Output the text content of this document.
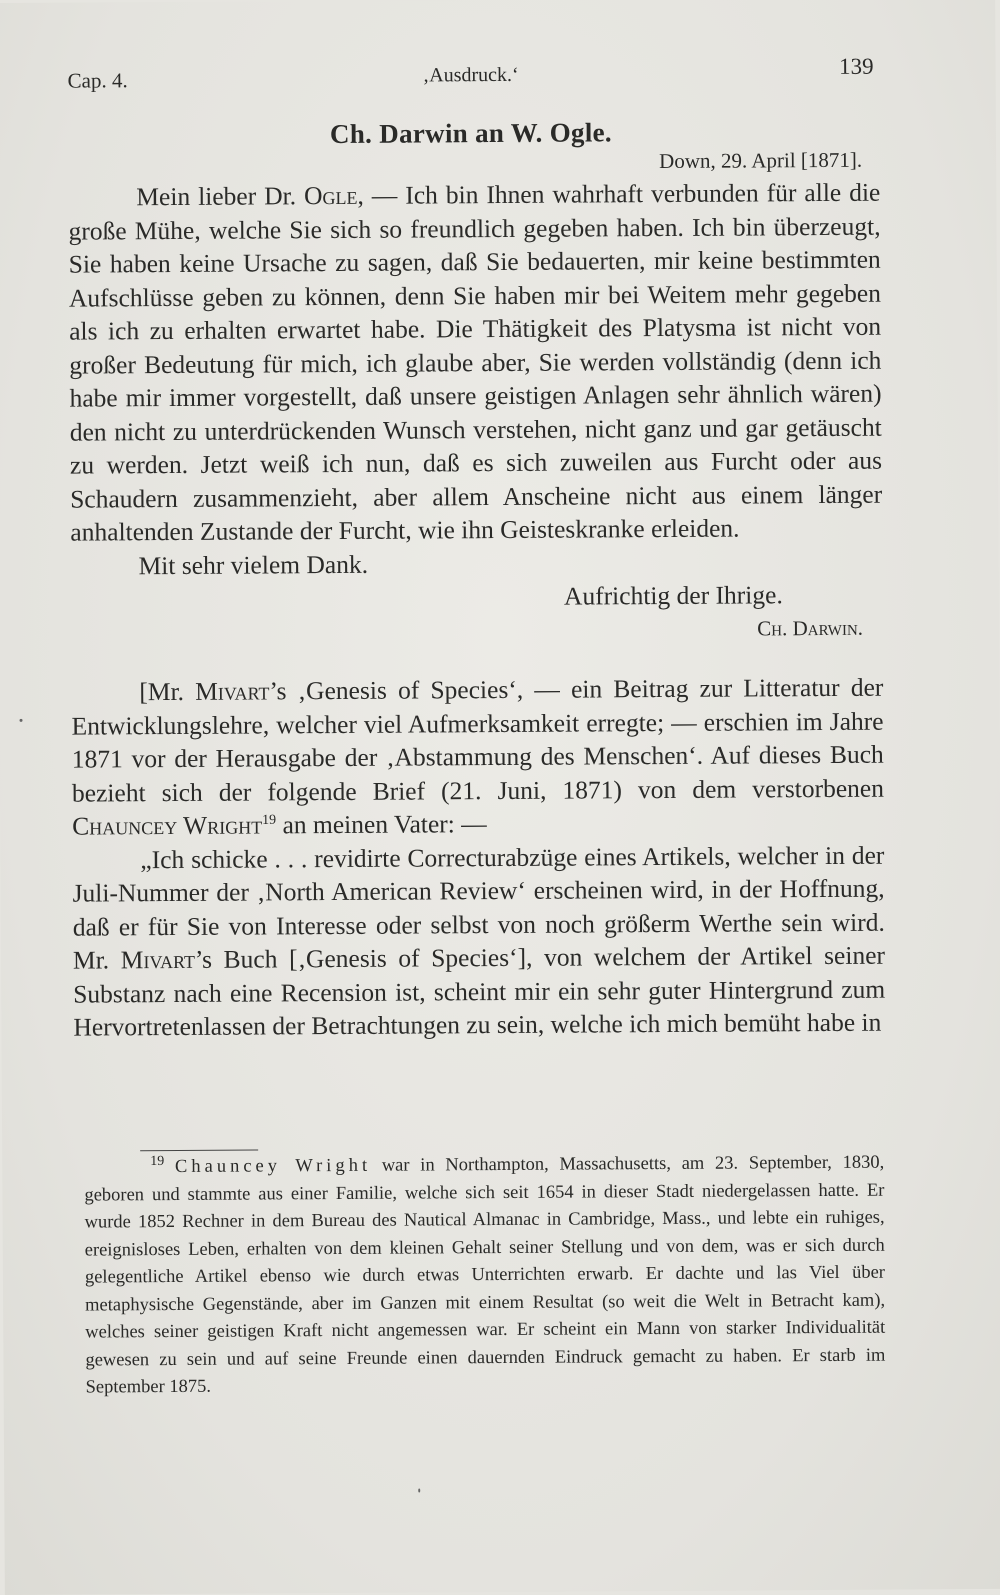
Cap. 4.	‚Ausdruck.‘	139
Ch. Darwin an W. Ogle.
Down, 29. April [1871].

Mein lieber Dr. Ogle, — Ich bin Ihnen wahrhaft verbunden für alle die große Mühe, welche Sie sich so freundlich gegeben haben. Ich bin überzeugt, Sie haben keine Ursache zu sagen, daß Sie bedauerten, mir keine bestimmten Aufschlüsse geben zu können, denn Sie haben mir bei Weitem mehr gegeben als ich zu erhalten erwartet habe. Die Thätigkeit des Platysma ist nicht von großer Bedeutung für mich, ich glaube aber, Sie werden vollständig (denn ich habe mir immer vorgestellt, daß unsere geistigen Anlagen sehr ähnlich wären) den nicht zu unterdrückenden Wunsch verstehen, nicht ganz und gar getäuscht zu werden. Jetzt weiß ich nun, daß es sich zuweilen aus Furcht oder aus Schaudern zusammenzieht, aber allem Anscheine nicht aus einem länger anhaltenden Zustande der Furcht, wie ihn Geisteskranke erleiden.

Mit sehr vielem Dank.

Aufrichtig der Ihrige.

Ch. Darwin.

[Mr. Mivart’s ‚Genesis of Species‘, — ein Beitrag zur Litteratur der Entwicklungslehre, welcher viel Aufmerksamkeit erregte; — erschien im Jahre 1871 vor der Herausgabe der ‚Abstammung des Menschen‘. Auf dieses Buch bezieht sich der folgende Brief (21. Juni, 1871) von dem verstorbenen Chauncey Wright$^{19}$ an meinen Vater: —

„Ich schicke . . . revidirte Correcturabzüge eines Artikels, welcher in der Juli-Nummer der ‚North American Review‘ erscheinen wird, in der Hoffnung, daß er für Sie von Interesse oder selbst von noch größerm Werthe sein wird. Mr. Mivart’s Buch [‚Genesis of Species‘], von welchem der Artikel seiner Substanz nach eine Recension ist, scheint mir ein sehr guter Hintergrund zum Hervortretenlassen der Betrachtungen zu sein, welche ich mich bemüht habe in

$^{19}$ Chauncey Wright war in Northampton, Massachusetts, am 23. September, 1830, geboren und stammte aus einer Familie, welche sich seit 1654 in dieser Stadt niedergelassen hatte. Er wurde 1852 Rechner in dem Bureau des Nautical Almanac in Cambridge, Mass., und lebte ein ruhiges, ereignisloses Leben, erhalten von dem kleinen Gehalt seiner Stellung und von dem, was er sich durch gelegentliche Artikel ebenso wie durch etwas Unterrichten erwarb. Er dachte und las Viel über metaphysische Gegenstände, aber im Ganzen mit einem Resultat (so weit die Welt in Betracht kam), welches seiner geistigen Kraft nicht angemessen war. Er scheint ein Mann von starker Individualität gewesen zu sein und auf seine Freunde einen dauernden Eindruck gemacht zu haben. Er starb im September 1875.
